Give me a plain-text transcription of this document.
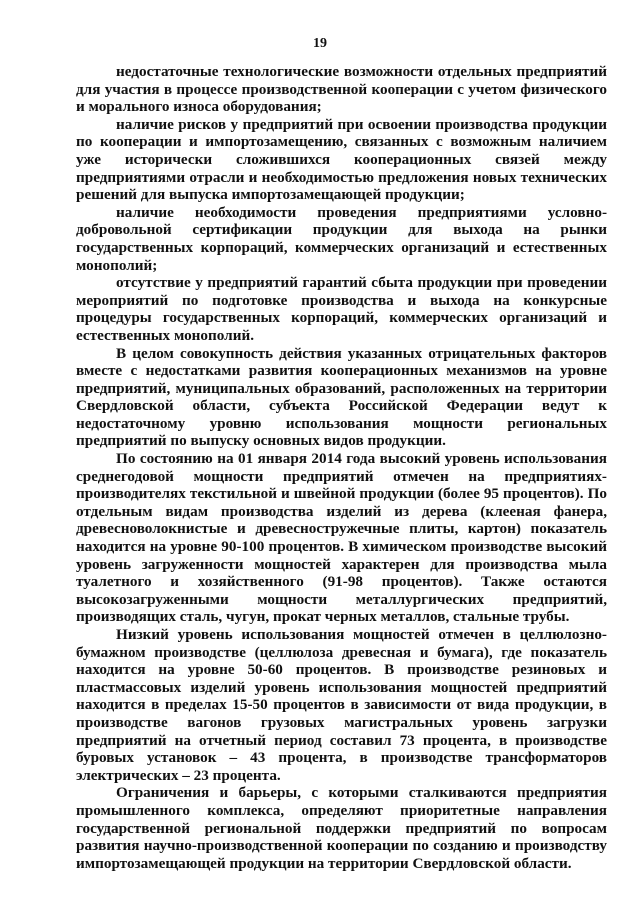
19

недостаточные технологические возможности отдельных предприятий для участия в процессе производственной кооперации с учетом физического и морального износа оборудования;

наличие рисков у предприятий при освоении производства продукции по кооперации и импортозамещению, связанных с возможным наличием уже исторически сложившихся кооперационных связей между предприятиями отрасли и необходимостью предложения новых технических решений для выпуска импортозамещающей продукции;

наличие необходимости проведения предприятиями условно-добровольной сертификации продукции для выхода на рынки государственных корпораций, коммерческих организаций и естественных монополий;

отсутствие у предприятий гарантий сбыта продукции при проведении мероприятий по подготовке производства и выхода на конкурсные процедуры государственных корпораций, коммерческих организаций и естественных монополий.

В целом совокупность действия указанных отрицательных факторов вместе с недостатками развития кооперационных механизмов на уровне предприятий, муниципальных образований, расположенных на территории Свердловской области, субъекта Российской Федерации ведут к недостаточному уровню использования мощности региональных предприятий по выпуску основных видов продукции.

По состоянию на 01 января 2014 года высокий уровень использования среднегодовой мощности предприятий отмечен на предприятиях-производителях текстильной и швейной продукции (более 95 процентов). По отдельным видам производства изделий из дерева (клееная фанера, древесноволокнистые и древесностружечные плиты, картон) показатель находится на уровне 90-100 процентов. В химическом производстве высокий уровень загруженности мощностей характерен для производства мыла туалетного и хозяйственного (91-98 процентов). Также остаются высокозагруженными мощности металлургических предприятий, производящих сталь, чугун, прокат черных металлов, стальные трубы.

Низкий уровень использования мощностей отмечен в целлюлозно-бумажном производстве (целлюлоза древесная и бумага), где показатель находится на уровне 50-60 процентов. В производстве резиновых и пластмассовых изделий уровень использования мощностей предприятий находится в пределах 15-50 процентов в зависимости от вида продукции, в производстве вагонов грузовых магистральных уровень загрузки предприятий на отчетный период составил 73 процента, в производстве буровых установок – 43 процента, в производстве трансформаторов электрических – 23 процента.

Ограничения и барьеры, с которыми сталкиваются предприятия промышленного комплекса, определяют приоритетные направления государственной региональной поддержки предприятий по вопросам развития научно-производственной кооперации по созданию и производству импортозамещающей продукции на территории Свердловской области.
